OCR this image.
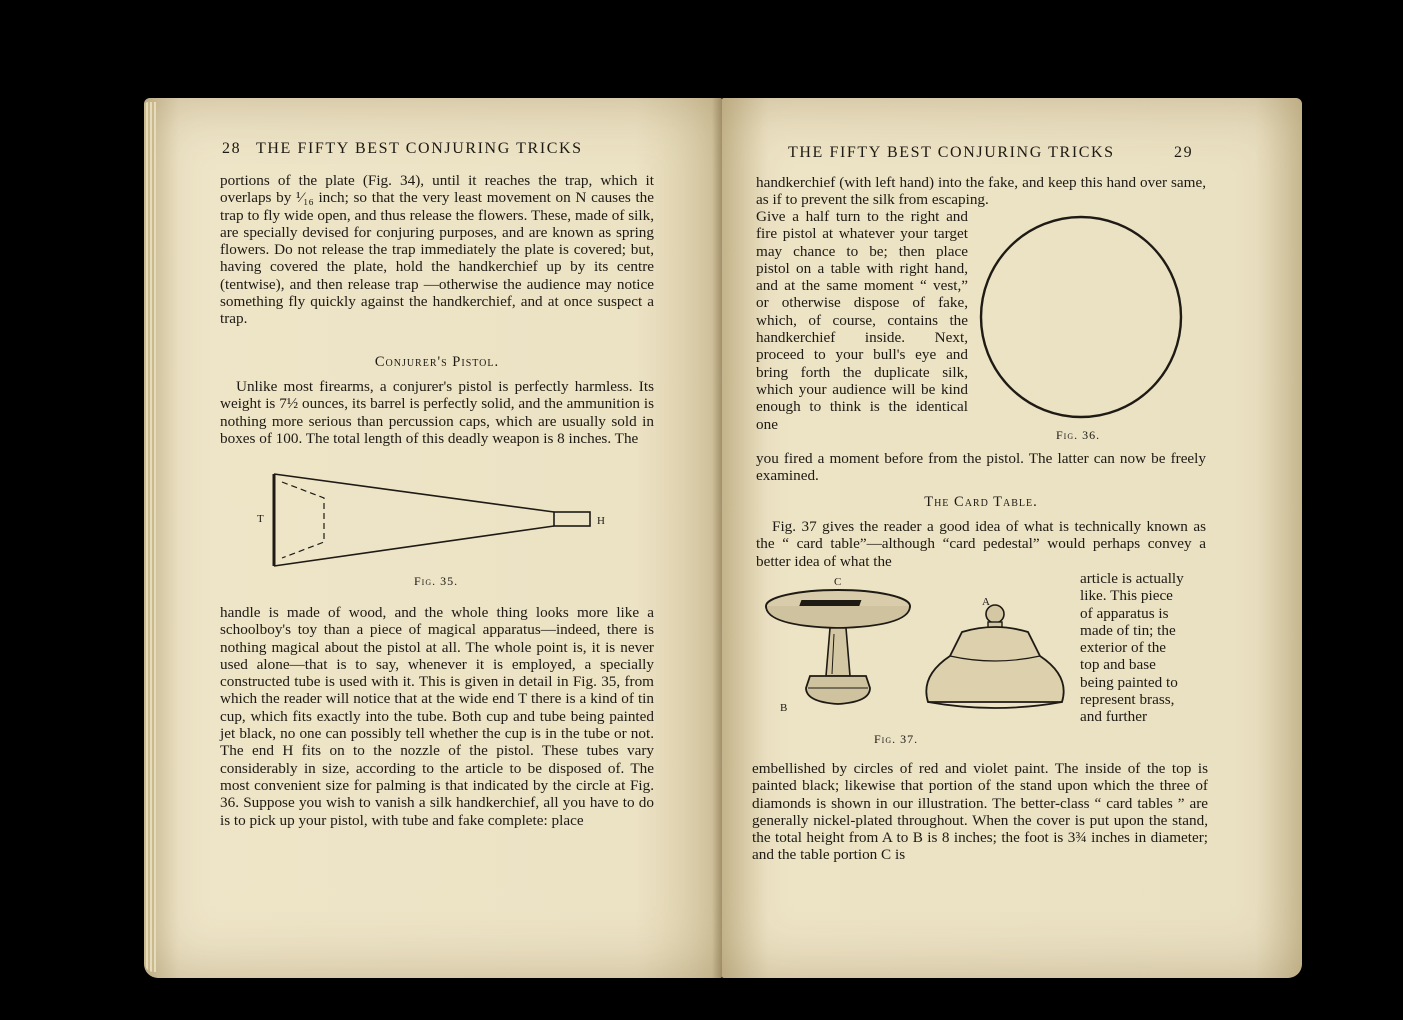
28 THE FIFTY BEST CONJURING TRICKS

portions of the plate (Fig. 34), until it reaches the trap, which it overlaps by ¹⁄₁₆ inch; so that the very least movement on N causes the trap to fly wide open, and thus release the flowers. These, made of silk, are specially devised for conjuring purposes, and are known as spring flowers. Do not release the trap immediately the plate is covered; but, having covered the plate, hold the handkerchief up by its centre (tentwise), and then release trap —otherwise the audience may notice something fly quickly against the handkerchief, and at once suspect a trap.

Conjurer's Pistol.

Unlike most firearms, a conjurer's pistol is perfectly harmless. Its weight is 7½ ounces, its barrel is perfectly solid, and the ammunition is nothing more serious than percussion caps, which are usually sold in boxes of 100. The total length of this deadly weapon is 8 inches. The

T	H
Fig. 35.

handle is made of wood, and the whole thing looks more like a schoolboy's toy than a piece of magical apparatus—indeed, there is nothing magical about the pistol at all. The whole point is, it is never used alone—that is to say, whenever it is employed, a specially constructed tube is used with it. This is given in detail in Fig. 35, from which the reader will notice that at the wide end T there is a kind of tin cup, which fits exactly into the tube. Both cup and tube being painted jet black, no one can possibly tell whether the cup is in the tube or not. The end H fits on to the nozzle of the pistol. These tubes vary considerably in size, according to the article to be disposed of. The most convenient size for palming is that indicated by the circle at Fig. 36. Suppose you wish to vanish a silk handkerchief, all you have to do is to pick up your pistol, with tube and fake complete: place

THE FIFTY BEST CONJURING TRICKS	29

handkerchief (with left hand) into the fake, and keep this hand over same, as if to prevent the silk from escaping.

Give a half turn to the right and fire pistol at whatever your target may chance to be; then place pistol on a table with right hand, and at the same moment “ vest,” or otherwise dispose of fake, which, of course, contains the handkerchief inside. Next, proceed to your bull's eye and bring forth the duplicate silk, which your audience will be kind enough to think is the identical one

Fig. 36.

you fired a moment before from the pistol. The latter can now be freely examined.

The Card Table.

Fig. 37 gives the reader a good idea of what is technically known as the “ card table”—although “card pedestal” would perhaps convey a better idea of what the

article is actually like. This piece of apparatus is made of tin; the exterior of the top and base being painted to represent brass, and further

C
A
B
Fig. 37.

embellished by circles of red and violet paint. The inside of the top is painted black; likewise that portion of the stand upon which the three of diamonds is shown in our illustration. The better-class “ card tables ” are generally nickel-plated throughout. When the cover is put upon the stand, the total height from A to B is 8 inches; the foot is 3¾ inches in diameter; and the table portion C is
